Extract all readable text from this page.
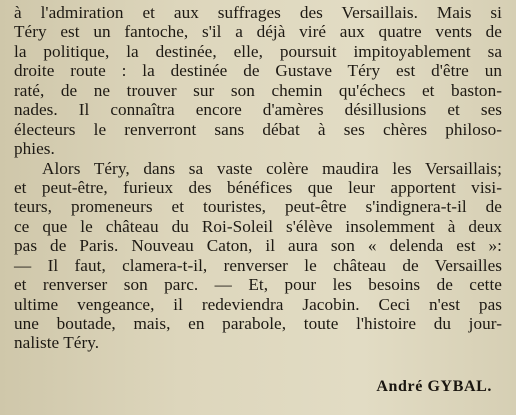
à l'admiration et aux suffrages des Versaillais. Mais si
Téry est un fantoche, s'il a déjà viré aux quatre vents de
la politique, la destinée, elle, poursuit impitoyablement sa
droite route : la destinée de Gustave Téry est d'être un
raté, de ne trouver sur son chemin qu'échecs et baston-
nades. Il connaîtra encore d'amères désillusions et ses
électeurs le renverront sans débat à ses chères philoso-
phies.
Alors Téry, dans sa vaste colère maudira les Versaillais;
et peut-être, furieux des bénéfices que leur apportent visi-
teurs, promeneurs et touristes, peut-être s'indignera-t-il de
ce que le château du Roi-Soleil s'élève insolemment à deux
pas de Paris. Nouveau Caton, il aura son « delenda est »:
— Il faut, clamera-t-il, renverser le château de Versailles
et renverser son parc. — Et, pour les besoins de cette
ultime vengeance, il redeviendra Jacobin. Ceci n'est pas
une boutade, mais, en parabole, toute l'histoire du jour-
naliste Téry.
André GYBAL.
